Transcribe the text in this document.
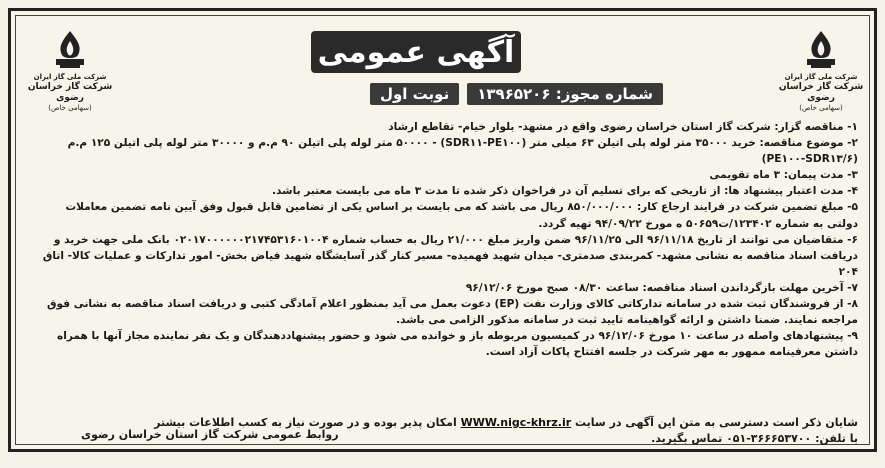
شرکت ملی گاز ایران
شرکت گاز خراسان رضوی
(سهامی خاص)
شرکت ملی گاز ایران
شرکت گاز خراسان رضوی
(سهامی خاص)
آگهی عمومی
شماره مجوز: ۱۳۹۶۵۲۰۶
نوبت اول

۱- مناقصه گزار: شرکت گاز استان خراسان رضوی واقع در مشهد- بلوار خیام- تقاطع ارشاد

۲- موضوع مناقصه: خرید ۳۵۰۰۰ متر لوله پلی اتیلن ۶۳ میلی متر (SDR۱۱-PE۱۰۰) - ۵۰۰۰۰ متر لوله پلی اتیلن ۹۰ م.م و ۳۰۰۰۰ متر لوله پلی اتیلن ۱۲۵ م.م (PE۱۰۰-SDR۱۳/۶)

۳- مدت پیمان: ۳ ماه تقویمی

۴- مدت اعتبار پیشنهاد ها: از تاریخی که برای تسلیم آن در فراخوان ذکر شده تا مدت ۳ ماه می بایست معتبر باشد.

۵- مبلغ تضمین شرکت در فرایند ارجاع کار: ۸۵۰/۰۰۰/۰۰۰ ریال می باشد که می بایست بر اساس یکی از تضامین قابل قبول وفق آیین نامه تضمین معاملات دولتی به شماره ۱۲۳۴۰۲/ت۵۰۶۵۹ ه مورخ ۹۴/۰۹/۲۲ تهیه گردد.

۶- متقاضیان می توانند از تاریخ ۹۶/۱۱/۱۸ الی ۹۶/۱۱/۲۵ ضمن واریز مبلغ ۲۱/۰۰۰ ریال به حساب شماره ۰۲۰۱۷۰۰۰۰۰۰۲۱۷۴۵۳۱۶۰۱۰۰۴ بانک ملی جهت خرید و دریافت اسناد مناقصه به نشانی مشهد- کمربندی صدمتری- میدان شهید فهمیده- مسیر کنار گذر آسایشگاه شهید فیاض بخش- امور تدارکات و عملیات کالا- اتاق ۲۰۴

۷- آخرین مهلت بازگرداندن اسناد مناقصه: ساعت ۰۸/۳۰ صبح مورخ ۹۶/۱۲/۰۶

۸- از فروشندگان ثبت شده در سامانه تدارکاتی کالای وزارت نفت (EP) دعوت بعمل می آید بمنظور اعلام آمادگی کتبی و دریافت اسناد مناقصه به نشانی فوق مراجعه نمایند. ضمنا داشتن و ارائه گواهینامه تایید ثبت در سامانه مذکور الزامی می باشد.

۹- پیشنهادهای واصله در ساعت ۱۰ مورخ ۹۶/۱۲/۰۶ در کمیسیون مربوطه باز و خوانده می شود و حضور پیشنهاددهندگان و یک نفر نماینده مجاز آنها با همراه داشتن معرفینامه ممهور به مهر شرکت در جلسه افتتاح پاکات آزاد است.

شایان ذکر است دسترسی به متن این آگهی در سایت WWW.nigc-khrz.ir امکان پذیر بوده و در صورت نیاز به کسب اطلاعات بیشتر
با تلفن: ۳۶۶۶۵۳۷۰۰-۰۵۱ تماس بگیرید.
روابط عمومی شرکت گاز استان خراسان رضوی
